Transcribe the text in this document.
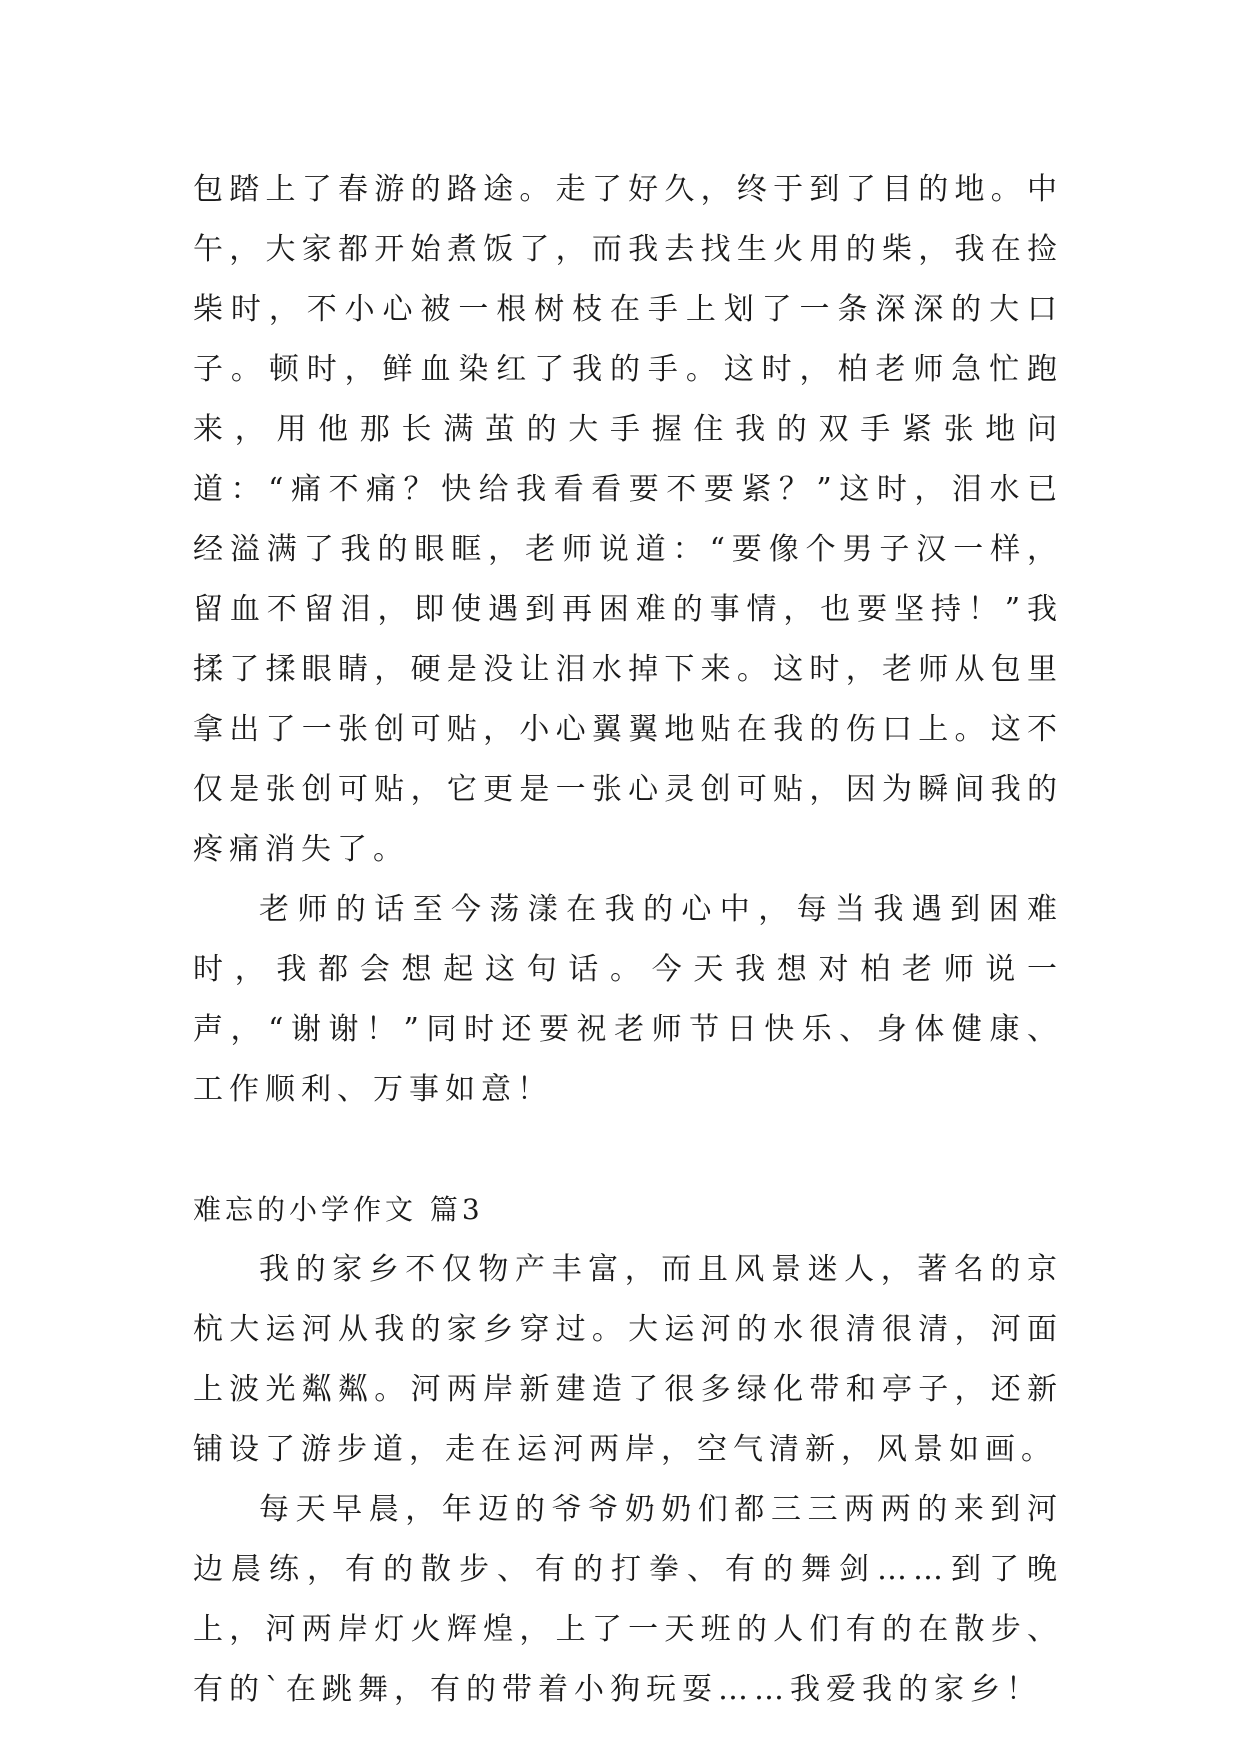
包踏上了春游的路途。走了好久，终于到了目的地。中午，大家都开始煮饭了，而我去找生火用的柴，我在捡柴时，不小心被一根树枝在手上划了一条深深的大口子。顿时，鲜血染红了我的手。这时，柏老师急忙跑来，用他那长满茧的大手握住我的双手紧张地问道：“痛不痛？快给我看看要不要紧？”这时，泪水已经溢满了我的眼眶，老师说道：“要像个男子汉一样，留血不留泪，即使遇到再困难的事情，也要坚持！”我揉了揉眼睛，硬是没让泪水掉下来。这时，老师从包里拿出了一张创可贴，小心翼翼地贴在我的伤口上。这不仅是张创可贴，它更是一张心灵创可贴，因为瞬间我的疼痛消失了。

老师的话至今荡漾在我的心中，每当我遇到困难时，我都会想起这句话。今天我想对柏老师说一声，“谢谢！”同时还要祝老师节日快乐、身体健康、工作顺利、万事如意！

难忘的小学作文 篇3

我的家乡不仅物产丰富，而且风景迷人，著名的京杭大运河从我的家乡穿过。大运河的水很清很清，河面上波光粼粼。河两岸新建造了很多绿化带和亭子，还新铺设了游步道，走在运河两岸，空气清新，风景如画。

每天早晨，年迈的爷爷奶奶们都三三两两的来到河边晨练，有的散步、有的打拳、有的舞剑……到了晚上，河两岸灯火辉煌，上了一天班的人们有的在散步、有的`在跳舞，有的带着小狗玩耍……我爱我的家乡！
